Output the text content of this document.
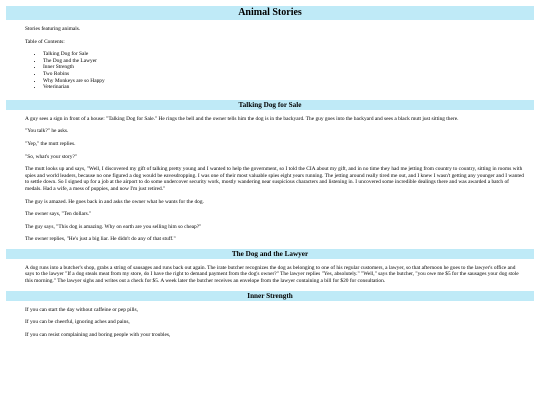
Animal Stories

Stories featuring animals.

Table of Contents:

• Talking Dog for Sale
• The Dog and the Lawyer
• Inner Strength
• Two Robins
• Why Monkeys are so Happy
• Veterinarian
Talking Dog for Sale

A guy sees a sign in front of a house: "Talking Dog for Sale." He rings the bell and the owner tells him the dog is in the backyard. The guy goes into the backyard and sees a black mutt just sitting there.

"You talk?" he asks.

"Yep," the mutt replies.

"So, what's your story?"

The mutt looks up and says, "Well, I discovered my gift of talking pretty young and I wanted to help the government, so I told the CIA about my gift, and in no time they had me jetting from country to country, sitting in rooms with spies and world leaders, because no one figured a dog would be eavesdropping. I was one of their most valuable spies eight years running. The jetting around really tired me out, and I knew I wasn't getting any younger and I wanted to settle down. So I signed up for a job at the airport to do some undercover security work, mostly wandering near suspicious characters and listening in. I uncovered some incredible dealings there and was awarded a batch of medals. Had a wife, a mess of puppies, and now I'm just retired."

The guy is amazed. He goes back in and asks the owner what he wants for the dog.

The owner says, "Ten dollars."

The guy says, "This dog is amazing. Why on earth are you selling him so cheap?"

The owner replies, "He's just a big liar. He didn't do any of that stuff."

The Dog and the Lawyer

A dog runs into a butcher's shop, grabs a string of sausages and runs back out again. The irate butcher recognizes the dog as belonging to one of his regular customers, a lawyer, so that afternoon he goes to the lawyer's office and says to the lawyer "If a dog steals meat from my store, do I have the right to demand payment from the dog's owner?" The lawyer replies "Yes, absolutely." "Well," says the butcher, "you owe me $5 for the sausages your dog stole this morning." The lawyer sighs and writes out a check for $5. A week later the butcher receives an envelope from the lawyer containing a bill for $20 for consultation.

Inner Strength

If you can start the day without caffeine or pep pills,

If you can be cheerful, ignoring aches and pains,

If you can resist complaining and boring people with your troubles,
